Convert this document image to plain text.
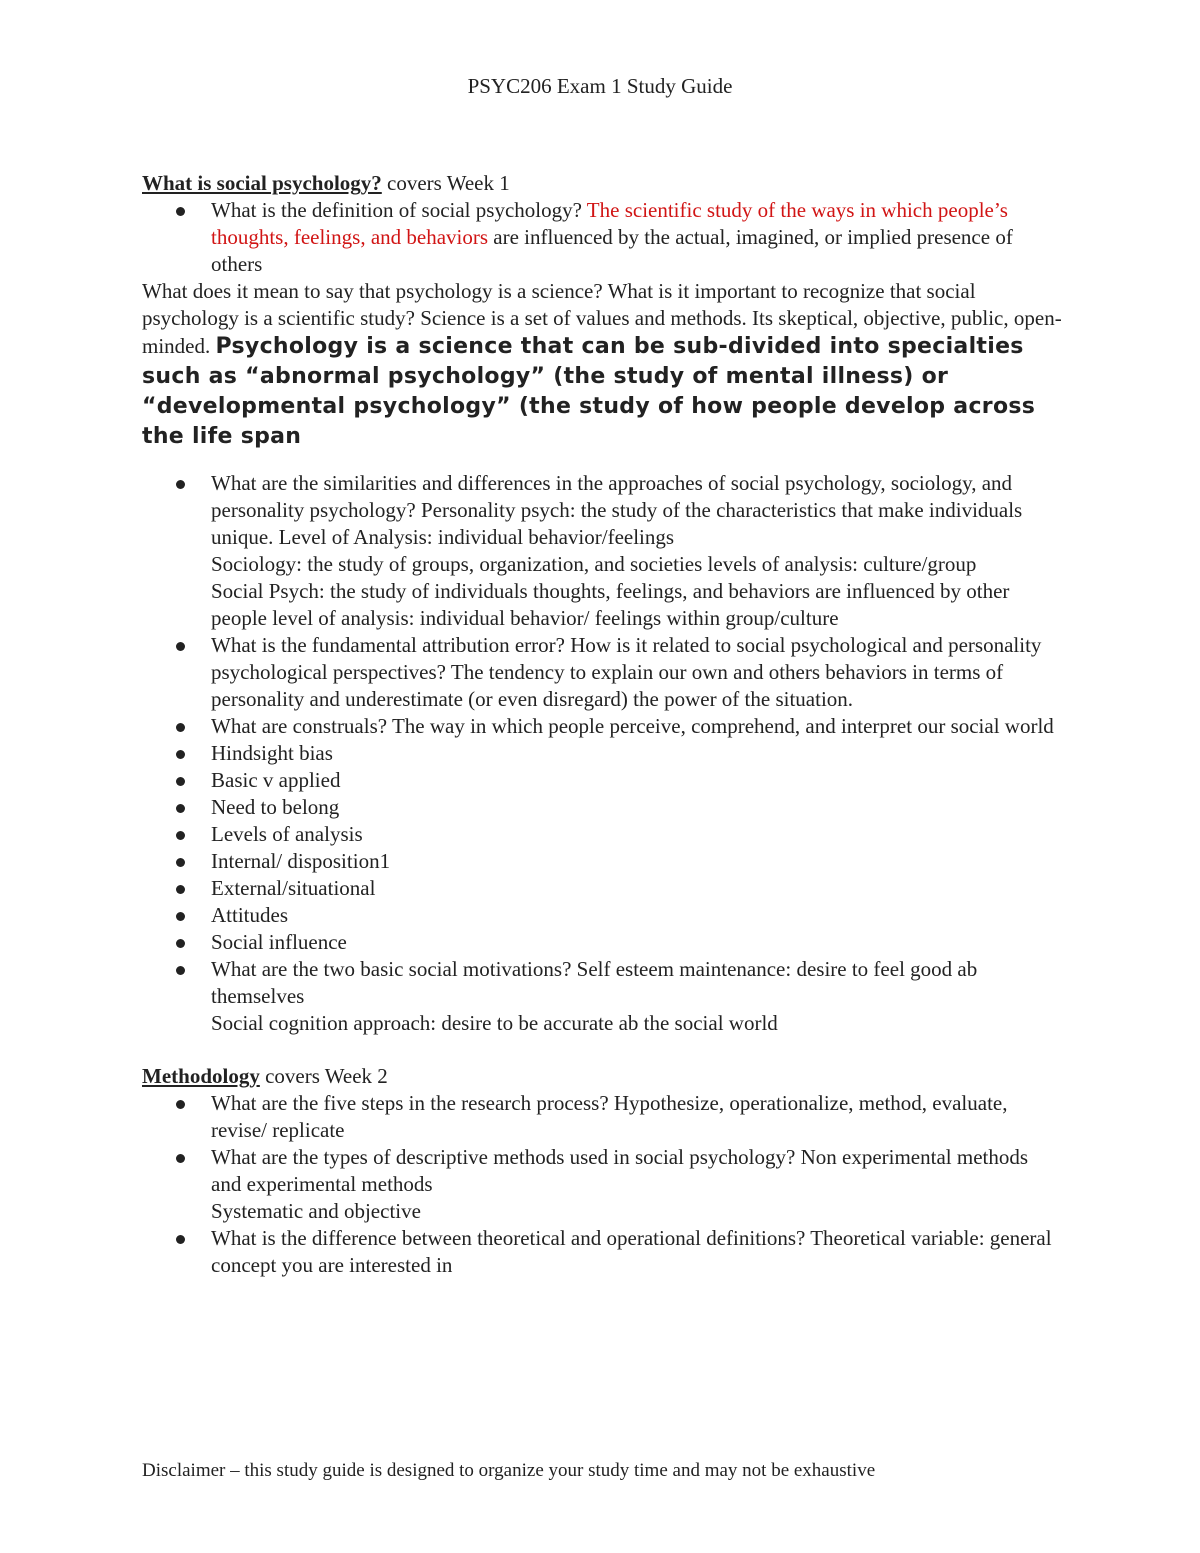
PSYC206 Exam 1 Study Guide

What is social psychology? covers Week 1

What is the definition of social psychology? The scientific study of the ways in which people’s thoughts, feelings, and behaviors are influenced by the actual, imagined, or implied presence of others

What does it mean to say that psychology is a science? What is it important to recognize that social psychology is a scientific study? Science is a set of values and methods. Its skeptical, objective, public, open-minded. Psychology is a science that can be sub-divided into specialties such as “abnormal psychology” (the study of mental illness) or “developmental psychology” (the study of how people develop across the life span

What are the similarities and differences in the approaches of social psychology, sociology, and personality psychology? Personality psych: the study of the characteristics that make individuals unique. Level of Analysis: individual behavior/feelings
Sociology: the study of groups, organization, and societies levels of analysis: culture/group
Social Psych: the study of individuals thoughts, feelings, and behaviors are influenced by other people level of analysis: individual behavior/ feelings within group/culture
What is the fundamental attribution error? How is it related to social psychological and personality psychological perspectives? The tendency to explain our own and others behaviors in terms of personality and underestimate (or even disregard) the power of the situation.
What are construals? The way in which people perceive, comprehend, and interpret our social world
Hindsight bias
Basic v applied
Need to belong
Levels of analysis
Internal/ disposition1
External/situational
Attitudes
Social influence
What are the two basic social motivations? Self esteem maintenance: desire to feel good ab themselves
Social cognition approach: desire to be accurate ab the social world

Methodology covers Week 2

What are the five steps in the research process? Hypothesize, operationalize, method, evaluate, revise/ replicate
What are the types of descriptive methods used in social psychology? Non experimental methods and experimental methods
Systematic and objective
What is the difference between theoretical and operational definitions? Theoretical variable: general concept you are interested in
Disclaimer – this study guide is designed to organize your study time and may not be exhaustive
